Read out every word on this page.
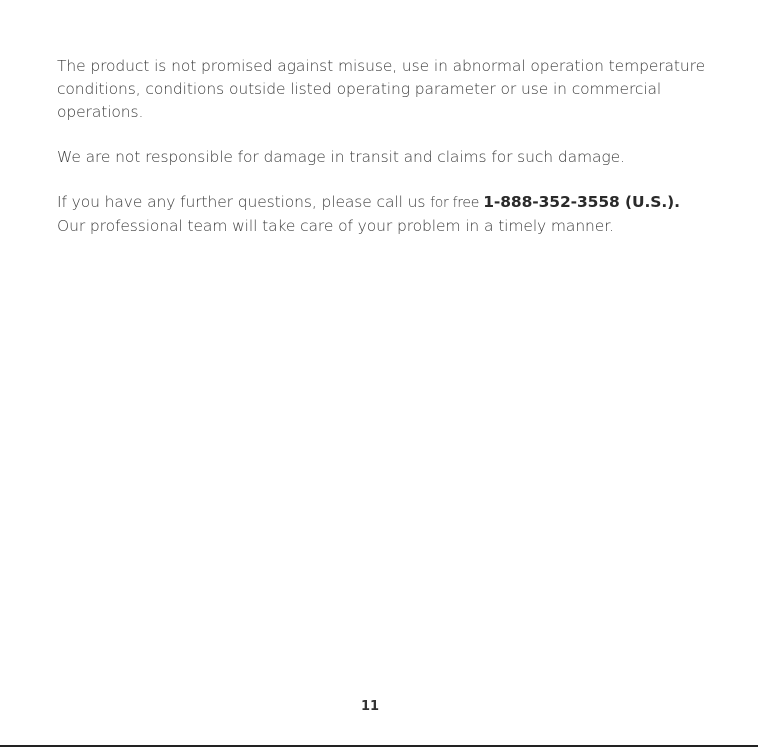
The product is not promised against misuse, use in abnormal operation temperature conditions, conditions outside listed operating parameter or use in commercial operations.

We are not responsible for damage in transit and claims for such damage.

If you have any further questions, please call us for free 1-888-352-3558 (U.S.).
Our professional team will take care of your problem in a timely manner.

11
